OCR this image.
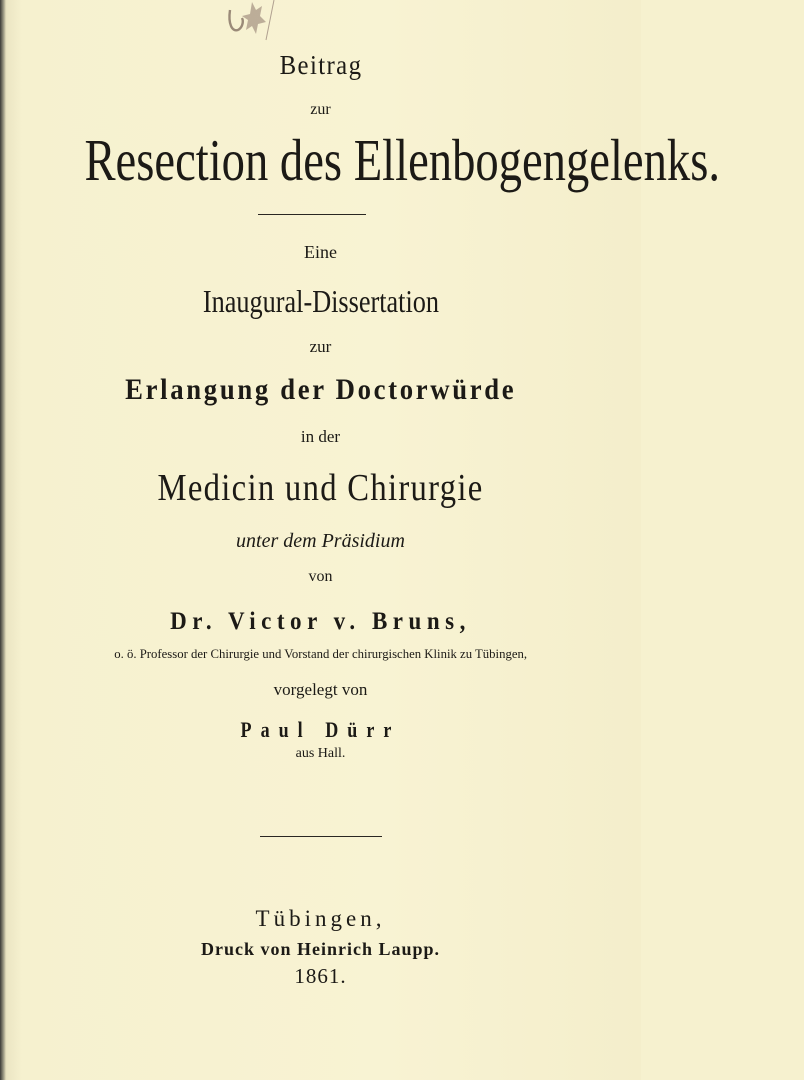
Beitrag
zur
Resection des Ellenbogengelenks.
Eine
Inaugural-Dissertation
zur
Erlangung der Doctorwürde
in der
Medicin und Chirurgie
unter dem Präsidium
von
Dr. Victor v. Bruns,
o. ö. Professor der Chirurgie und Vorstand der chirurgischen Klinik zu Tübingen,
vorgelegt von
Paul Dürr
aus Hall.
Tübingen,
Druck von Heinrich Laupp.
1861.
